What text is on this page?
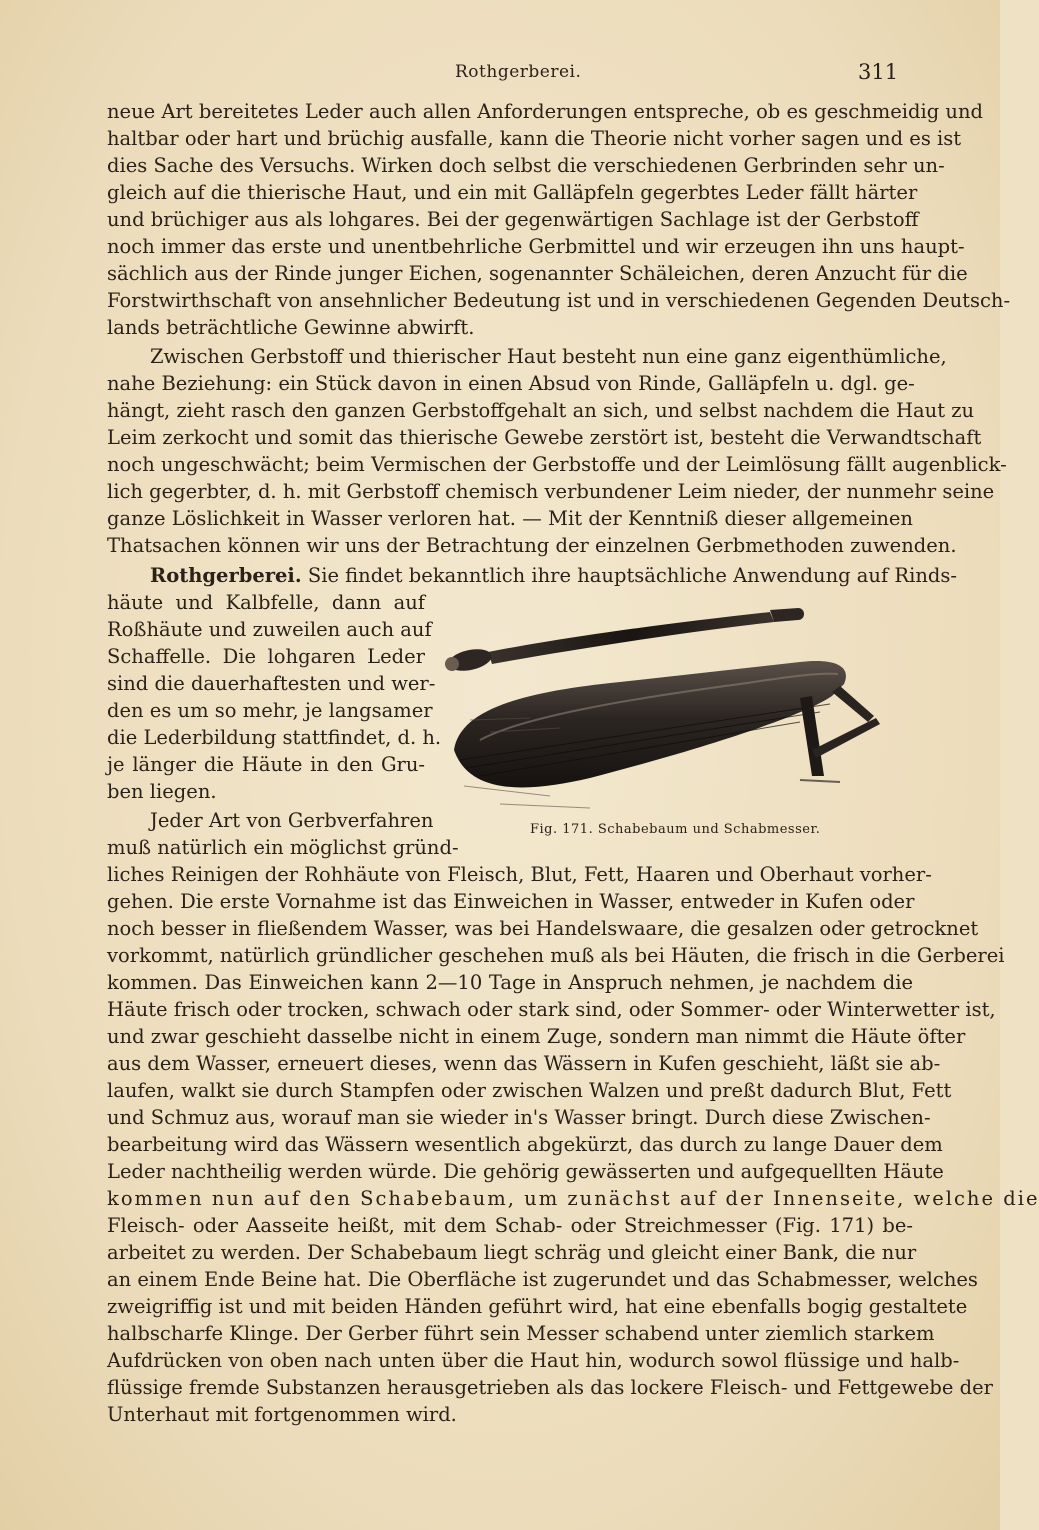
Rothgerberei.	311
neue Art bereitetes Leder auch allen Anforderungen entspreche, ob es geschmeidig und
haltbar oder hart und brüchig ausfalle, kann die Theorie nicht vorher sagen und es ist
dies Sache des Versuchs. Wirken doch selbst die verschiedenen Gerbrinden sehr un-
gleich auf die thierische Haut, und ein mit Galläpfeln gegerbtes Leder fällt härter
und brüchiger aus als lohgares. Bei der gegenwärtigen Sachlage ist der Gerbstoff
noch immer das erste und unentbehrliche Gerbmittel und wir erzeugen ihn uns haupt-
sächlich aus der Rinde junger Eichen, sogenannter Schäleichen, deren Anzucht für die
Forstwirthschaft von ansehnlicher Bedeutung ist und in verschiedenen Gegenden Deutsch-
lands beträchtliche Gewinne abwirft.
Zwischen Gerbstoff und thierischer Haut besteht nun eine ganz eigenthümliche,
nahe Beziehung: ein Stück davon in einen Absud von Rinde, Galläpfeln u. dgl. ge-
hängt, zieht rasch den ganzen Gerbstoffgehalt an sich, und selbst nachdem die Haut zu
Leim zerkocht und somit das thierische Gewebe zerstört ist, besteht die Verwandtschaft
noch ungeschwächt; beim Vermischen der Gerbstoffe und der Leimlösung fällt augenblick-
lich gegerbter, d. h. mit Gerbstoff chemisch verbundener Leim nieder, der nunmehr seine
ganze Löslichkeit in Wasser verloren hat. — Mit der Kenntniß dieser allgemeinen
Thatsachen können wir uns der Betrachtung der einzelnen Gerbmethoden zuwenden.
Rothgerberei. Sie findet bekanntlich ihre hauptsächliche Anwendung auf Rinds-
häute und Kalbfelle, dann auf
Roßhäute und zuweilen auch auf
Schaffelle. Die lohgaren Leder
sind die dauerhaftesten und wer-
den es um so mehr, je langsamer
die Lederbildung stattfindet, d. h.
je länger die Häute in den Gru-
ben liegen.
Jeder Art von Gerbverfahren
muß natürlich ein möglichst gründ-
liches Reinigen der Rohhäute von Fleisch, Blut, Fett, Haaren und Oberhaut vorher-
gehen. Die erste Vornahme ist das Einweichen in Wasser, entweder in Kufen oder
noch besser in fließendem Wasser, was bei Handelswaare, die gesalzen oder getrocknet
vorkommt, natürlich gründlicher geschehen muß als bei Häuten, die frisch in die Gerberei
kommen. Das Einweichen kann 2—10 Tage in Anspruch nehmen, je nachdem die
Häute frisch oder trocken, schwach oder stark sind, oder Sommer- oder Winterwetter ist,
und zwar geschieht dasselbe nicht in einem Zuge, sondern man nimmt die Häute öfter
aus dem Wasser, erneuert dieses, wenn das Wässern in Kufen geschieht, läßt sie ab-
laufen, walkt sie durch Stampfen oder zwischen Walzen und preßt dadurch Blut, Fett
und Schmuz aus, worauf man sie wieder in's Wasser bringt. Durch diese Zwischen-
bearbeitung wird das Wässern wesentlich abgekürzt, das durch zu lange Dauer dem
Leder nachtheilig werden würde. Die gehörig gewässerten und aufgequellten Häute
kommen nun auf den Schabebaum, um zunächst auf der Innenseite, welche die
Fleisch- oder Aasseite heißt, mit dem Schab- oder Streichmesser (Fig. 171) be-
arbeitet zu werden. Der Schabebaum liegt schräg und gleicht einer Bank, die nur
an einem Ende Beine hat. Die Oberfläche ist zugerundet und das Schabmesser, welches
zweigriffig ist und mit beiden Händen geführt wird, hat eine ebenfalls bogig gestaltete
halbscharfe Klinge. Der Gerber führt sein Messer schabend unter ziemlich starkem
Aufdrücken von oben nach unten über die Haut hin, wodurch sowol flüssige und halb-
flüssige fremde Substanzen herausgetrieben als das lockere Fleisch- und Fettgewebe der
Unterhaut mit fortgenommen wird.
Fig. 171. Schabebaum und Schabmesser.
